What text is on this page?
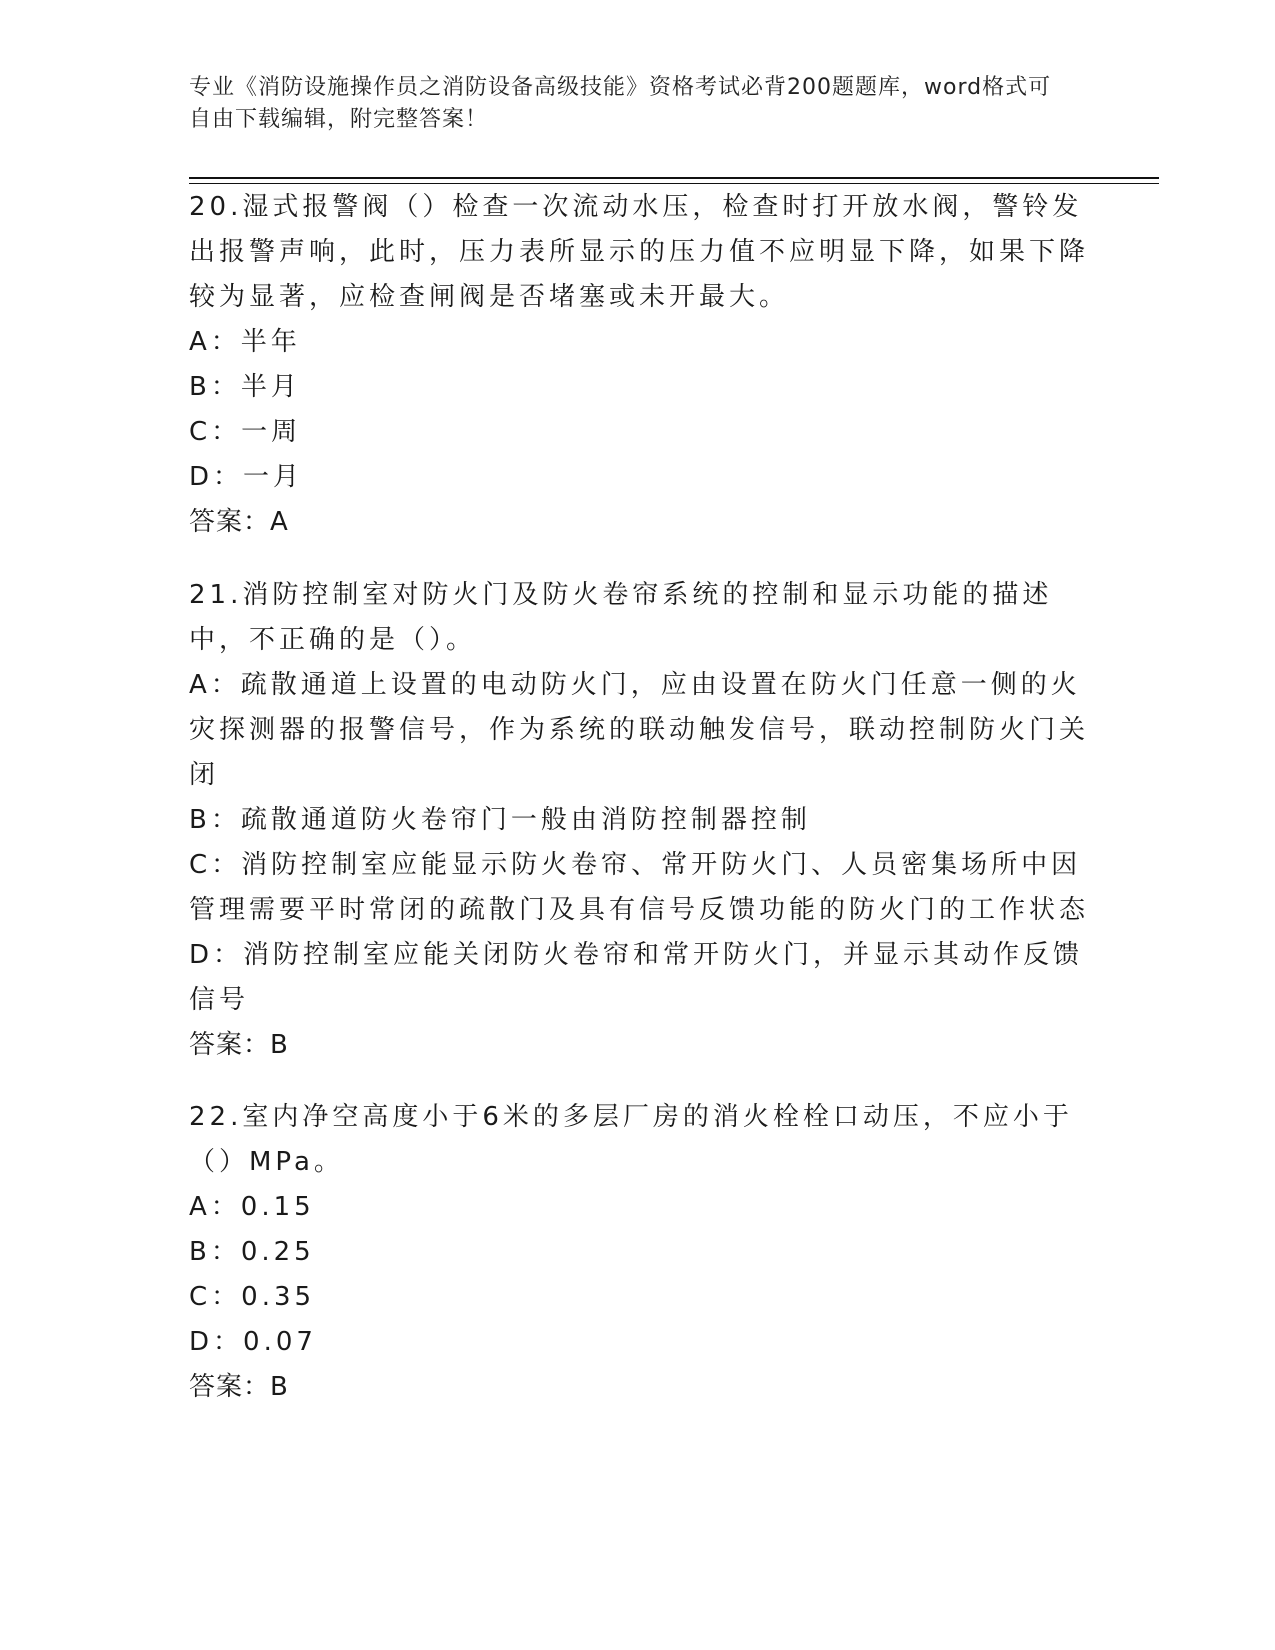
专业《消防设施操作员之消防设备高级技能》资格考试必背200题题库，word格式可自由下载编辑，附完整答案！

20.湿式报警阀（）检查一次流动水压，检查时打开放水阀，警铃发出报警声响，此时，压力表所显示的压力值不应明显下降，如果下降较为显著，应检查闸阀是否堵塞或未开最大。

A：半年

B：半月

C：一周

D：一月

答案：A

21.消防控制室对防火门及防火卷帘系统的控制和显示功能的描述中，不正确的是（）。

A：疏散通道上设置的电动防火门，应由设置在防火门任意一侧的火灾探测器的报警信号，作为系统的联动触发信号，联动控制防火门关闭

B：疏散通道防火卷帘门一般由消防控制器控制

C：消防控制室应能显示防火卷帘、常开防火门、人员密集场所中因管理需要平时常闭的疏散门及具有信号反馈功能的防火门的工作状态

D：消防控制室应能关闭防火卷帘和常开防火门，并显示其动作反馈信号

答案：B

22.室内净空高度小于6米的多层厂房的消火栓栓口动压，不应小于（）MPa。

A：0.15

B：0.25

C：0.35

D：0.07

答案：B
